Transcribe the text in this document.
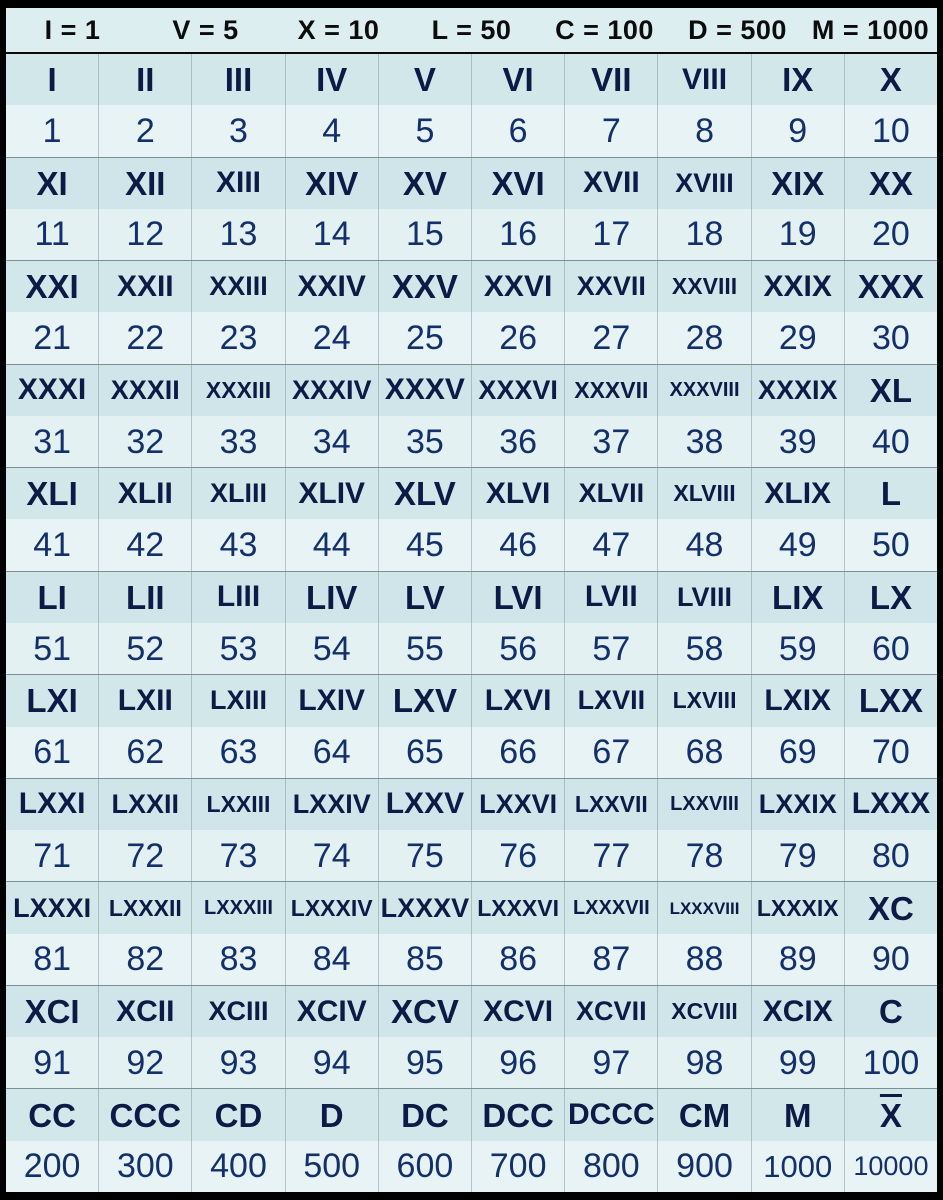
I = 1	V = 5	X = 10	L = 50	C = 100	D = 500 M = 1000
I II III IV V VI VII VIII IX X
1 2 3 4 5 6 7 8 9 10
XI XII XIII XIV XV XVI XVII XVIII XIX XX
11 12 13 14 15 16 17 18 19 20
XXI XXII XXIII XXIV XXV XXVI XXVII XXVIII XXIX XXX
21 22 23 24 25 26 27 28 29 30
XXXI XXXII XXXIII XXXIV XXXV XXXVI XXXVII XXXVIII XXXIX XL
31 32 33 34 35 36 37 38 39 40
XLI XLII XLIII XLIV XLV XLVI XLVII XLVIII XLIX L
41 42 43 44 45 46 47 48 49 50
LI LII LIII LIV LV LVI LVII LVIII LIX LX
51 52 53 54 55 56 57 58 59 60
LXI LXII LXIII LXIV LXV LXVI LXVII LXVIII LXIX LXX
61 62 63 64 65 66 67 68 69 70
LXXI LXXII LXXIII LXXIV LXXV LXXVI LXXVII LXXVIII LXXIX LXXX
71 72 73 74 75 76 77 78 79 80
LXXXI LXXXII LXXXIII LXXXIV LXXXV LXXXVI LXXXVII LXXXVIII LXXXIX XC
81 82 83 84 85 86 87 88 89 90
XCI XCII XCIII XCIV XCV XCVI XCVII XCVIII XCIX C
91 92 93 94 95 96 97 98 99 100
CC CCC CD D DC DCC DCCC CM M $\overline{X}$
200 300 400 500 600 700 800 900 1000 10000
